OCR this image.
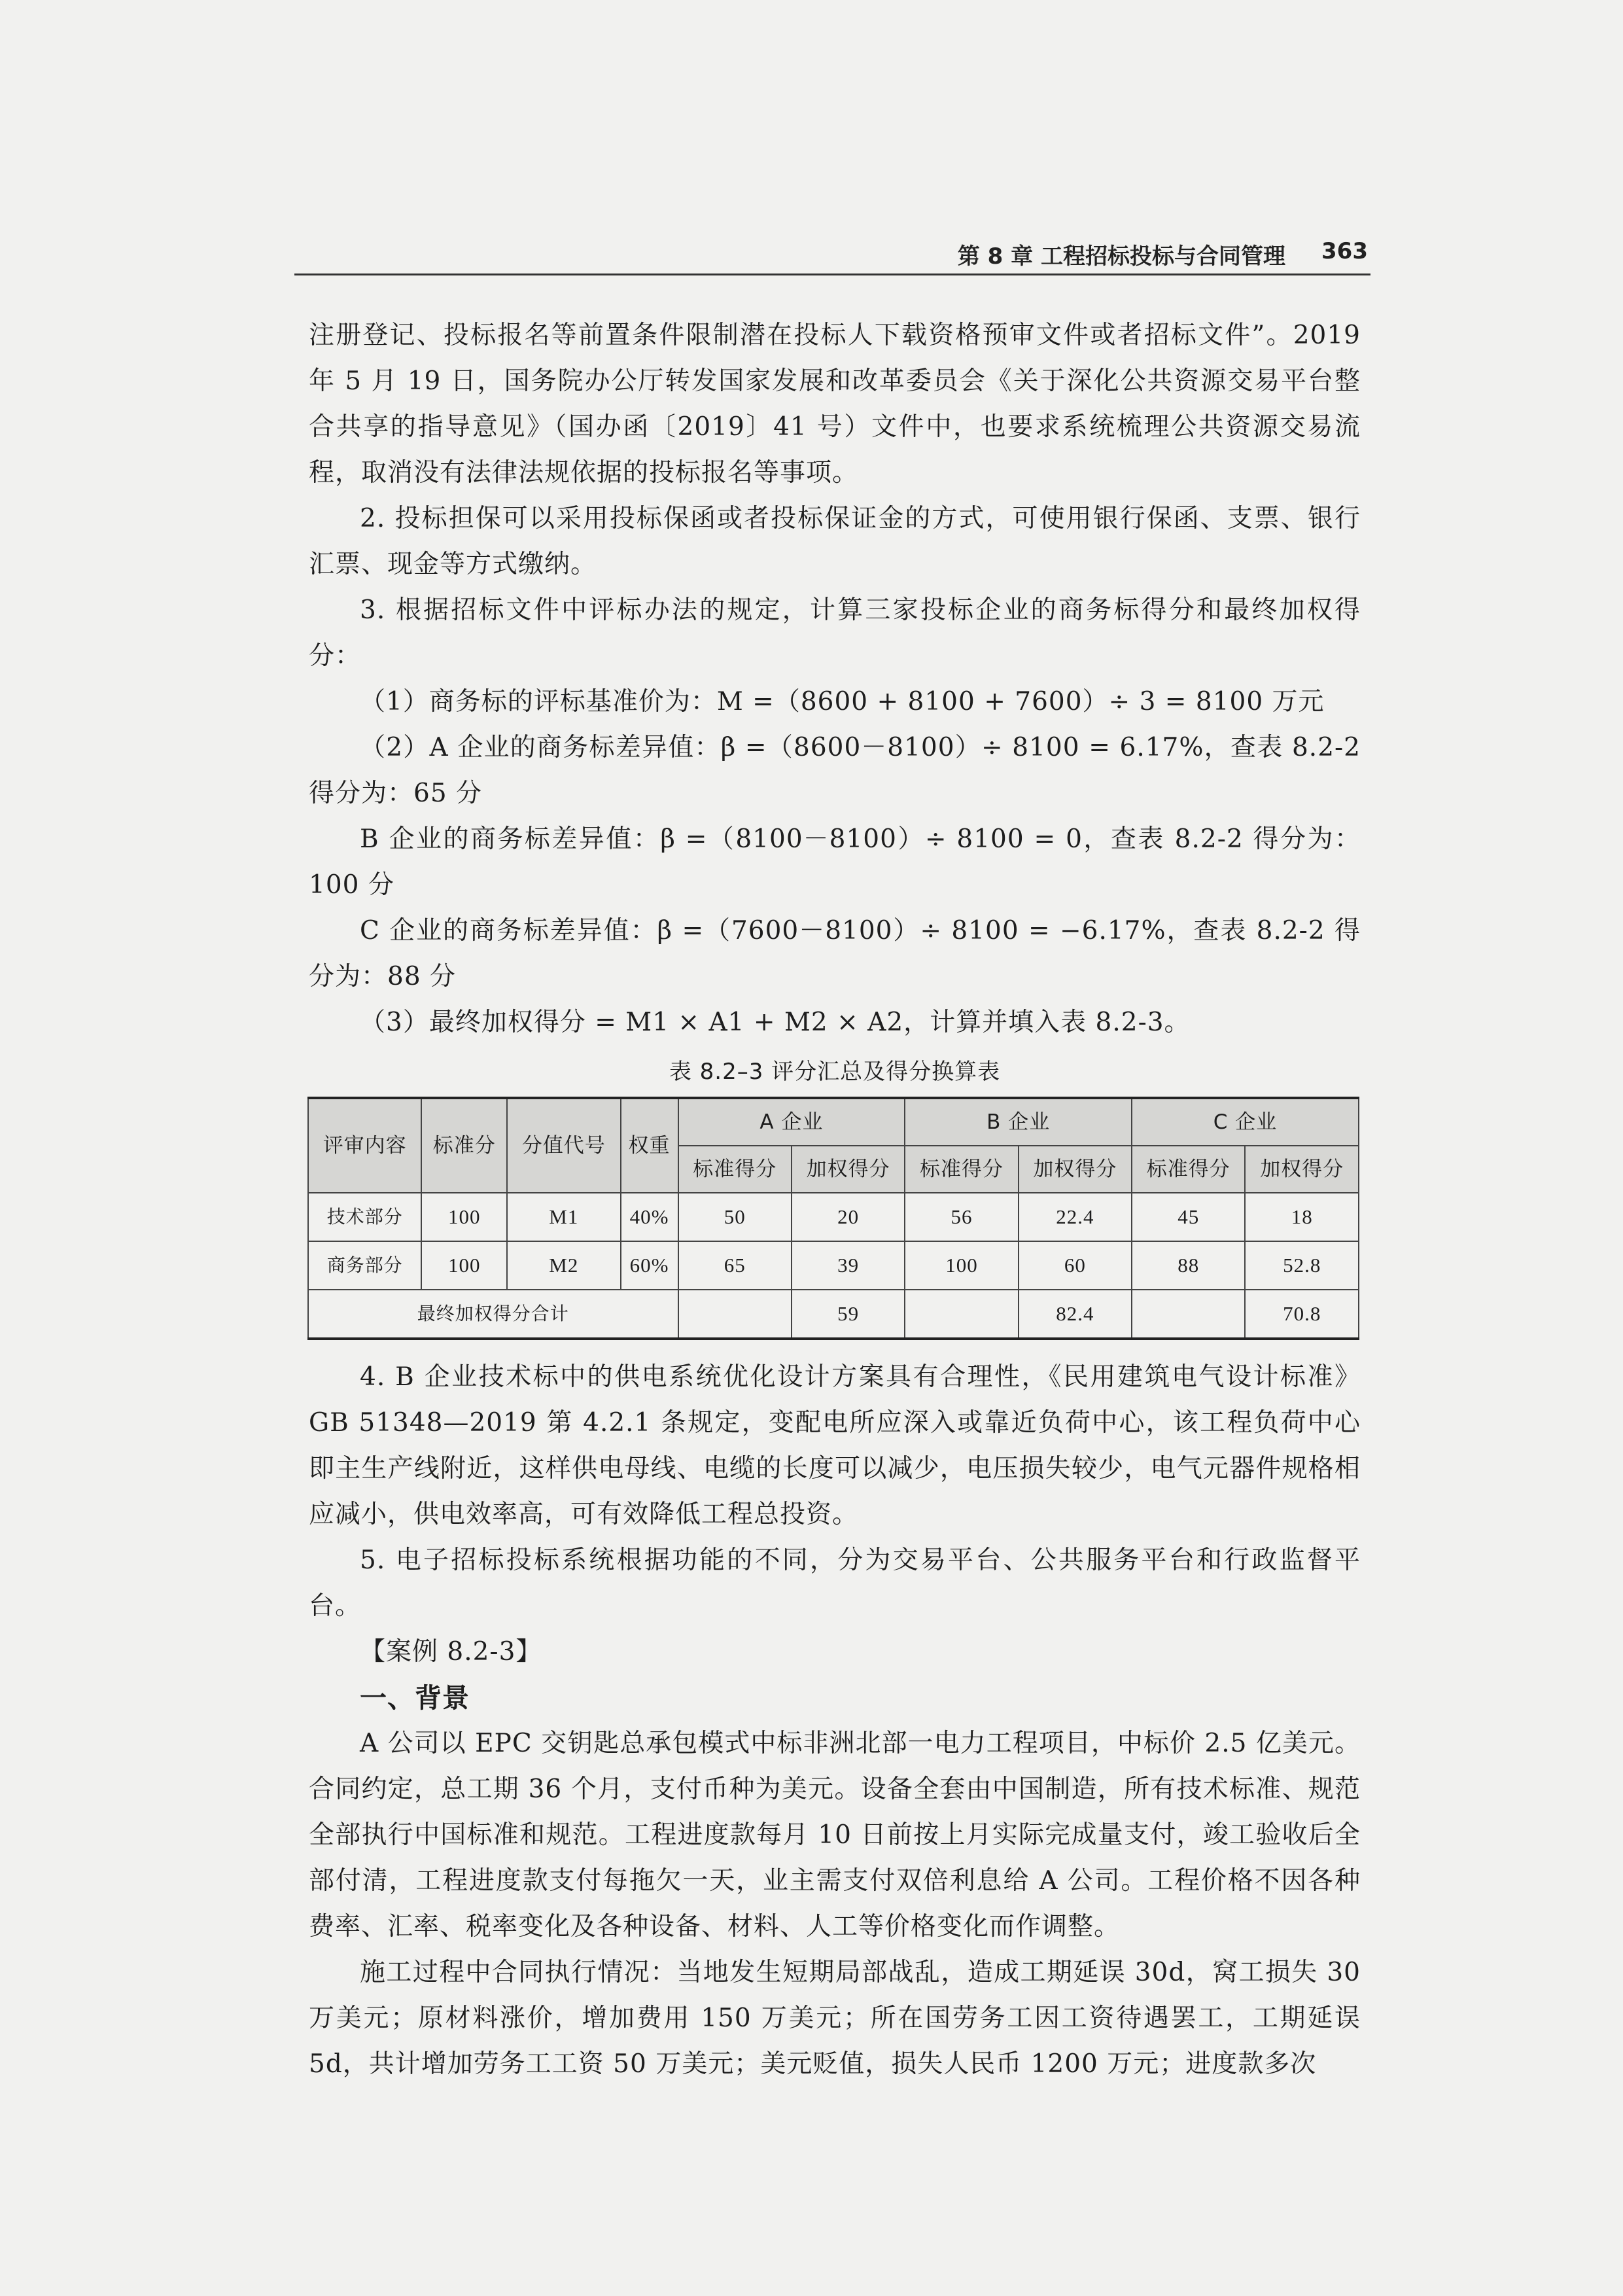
第 8 章 工程招标投标与合同管理 363

注册登记、投标报名等前置条件限制潜在投标人下载资格预审文件或者招标文件”。2019 年 5 月 19 日，国务院办公厅转发国家发展和改革委员会《关于深化公共资源交易平台整合共享的指导意见》（国办函〔2019〕41 号）文件中，也要求系统梳理公共资源交易流程，取消没有法律法规依据的投标报名等事项。

2. 投标担保可以采用投标保函或者投标保证金的方式，可使用银行保函、支票、银行汇票、现金等方式缴纳。

3. 根据招标文件中评标办法的规定，计算三家投标企业的商务标得分和最终加权得分：

（1）商务标的评标基准价为：M =（8600 + 8100 + 7600）÷ 3 = 8100 万元

（2）A 企业的商务标差异值：β =（8600－8100）÷ 8100 = 6.17%，查表 8.2-2 得分为：65 分

B 企业的商务标差异值：β =（8100－8100）÷ 8100 = 0，查表 8.2-2 得分为：100 分

C 企业的商务标差异值：β =（7600－8100）÷ 8100 = −6.17%，查表 8.2-2 得分为：88 分

（3）最终加权得分 = M1 × A1 + M2 × A2，计算并填入表 8.2-3。

表 8.2–3 评分汇总及得分换算表
评审内容	标准分	分值代号	权重	A 企业		B 企业		C 企业	
				标准得分	加权得分	标准得分	加权得分	标准得分	加权得分
技术部分	100	M1	40%	50	20	56	22.4	45	18
商务部分	100	M2	60%	65	39	100	60	88	52.8
最终加权得分合计					59		82.4		70.8

4. B 企业技术标中的供电系统优化设计方案具有合理性，《民用建筑电气设计标准》GB 51348—2019 第 4.2.1 条规定，变配电所应深入或靠近负荷中心，该工程负荷中心即主生产线附近，这样供电母线、电缆的长度可以减少，电压损失较少，电气元器件规格相应减小，供电效率高，可有效降低工程总投资。

5. 电子招标投标系统根据功能的不同，分为交易平台、公共服务平台和行政监督平台。

【案例 8.2-3】

一、背景

A 公司以 EPC 交钥匙总承包模式中标非洲北部一电力工程项目，中标价 2.5 亿美元。合同约定，总工期 36 个月，支付币种为美元。设备全套由中国制造，所有技术标准、规范全部执行中国标准和规范。工程进度款每月 10 日前按上月实际完成量支付，竣工验收后全部付清，工程进度款支付每拖欠一天，业主需支付双倍利息给 A 公司。工程价格不因各种费率、汇率、税率变化及各种设备、材料、人工等价格变化而作调整。

施工过程中合同执行情况：当地发生短期局部战乱，造成工期延误 30d，窝工损失 30 万美元；原材料涨价，增加费用 150 万美元；所在国劳务工因工资待遇罢工，工期延误 5d，共计增加劳务工工资 50 万美元；美元贬值，损失人民币 1200 万元；进度款多次
